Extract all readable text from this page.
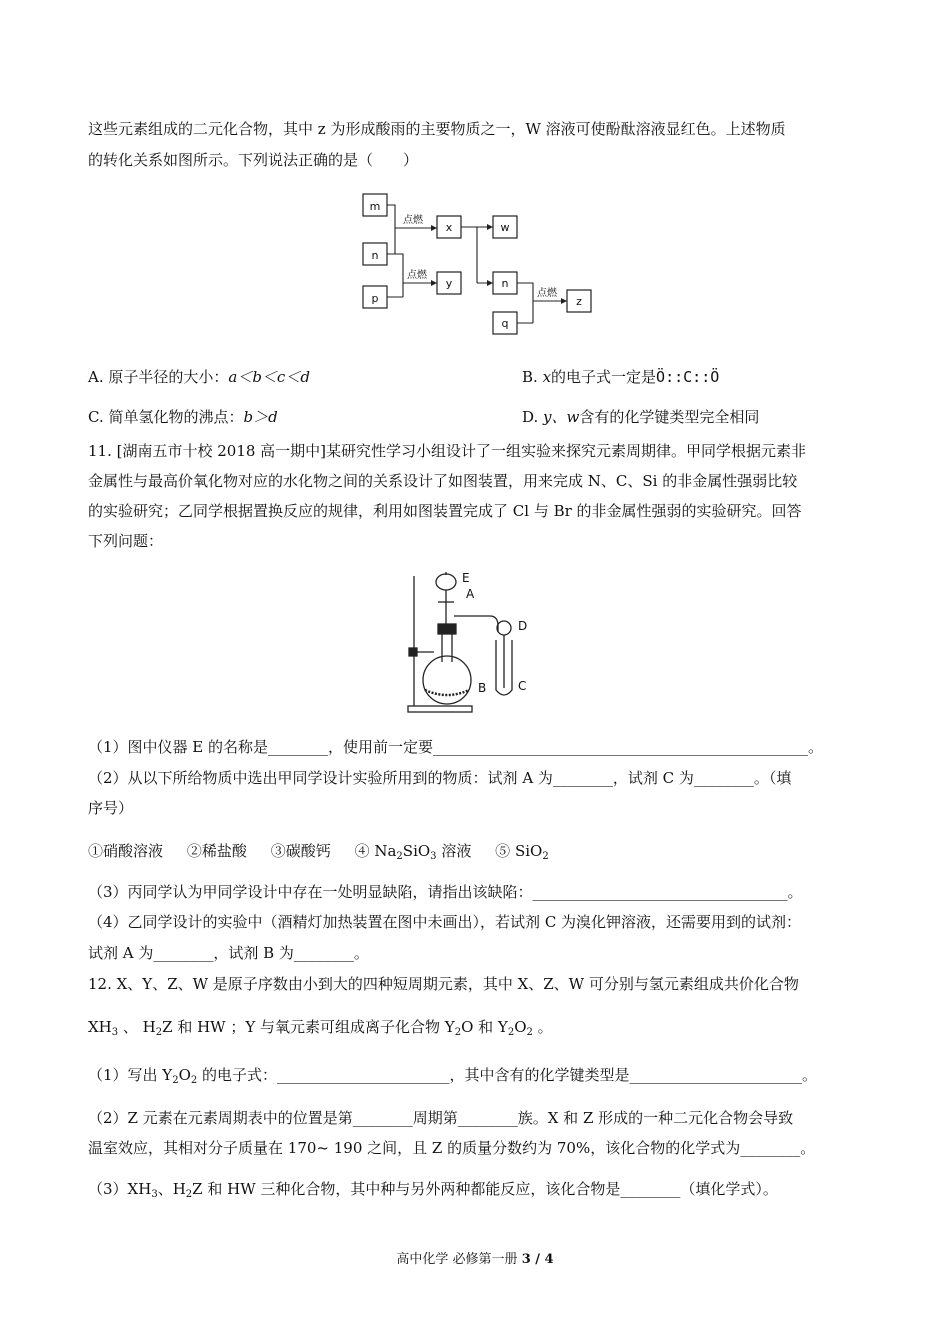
这些元素组成的二元化合物，其中 z 为形成酸雨的主要物质之一，W 溶液可使酚酞溶液显红色。上述物质
的转化关系如图所示。下列说法正确的是（　　）
m
n
p
x
y
w
n
q
z
点燃
点燃
点燃
A. 原子半径的大小：a＜b＜c＜d	B. x的电子式一定是Ö::C::Ö
C. 简单氢化物的沸点：b＞d	D. y、w含有的化学键类型完全相同
11. [湖南五市十校 2018 高一期中]某研究性学习小组设计了一组实验来探究元素周期律。甲同学根据元素非
金属性与最高价氧化物对应的水化物之间的关系设计了如图装置，用来完成 N、C、Si 的非金属性强弱比较
的实验研究；乙同学根据置换反应的规律，利用如图装置完成了 Cl 与 Br 的非金属性强弱的实验研究。回答
下列问题：
E
A
D
B	C
（1）图中仪器 E 的名称是________，使用前一定要__________________________________________________。
（2）从以下所给物质中选出甲同学设计实验所用到的物质：试剂 A 为________，试剂 C 为________。（填
序号）
①硝酸溶液 ②稀盐酸 ③碳酸钙 ④ $Na_2SiO_3$ 溶液 ⑤ SiO$_2$
（3）丙同学认为甲同学设计中存在一处明显缺陷，请指出该缺陷：__________________________________。
（4）乙同学设计的实验中（酒精灯加热装置在图中未画出），若试剂 C 为溴化钾溶液，还需要用到的试剂：
试剂 A 为________，试剂 B 为________。
12. X、Y、Z、W 是原子序数由小到大的四种短周期元素，其中 X、Z、W 可分别与氢元素组成共价化合物
$XH_3$ 、 $H_2Z$ 和 HW ；Y 与氧元素可组成离子化合物 $Y_2O$ 和 $Y_2O_2$ 。
（1）写出 $Y_2O_2$ 的电子式：_______________________，其中含有的化学键类型是_______________________。
（2）Z 元素在元素周期表中的位置是第________周期第________族。X 和 Z 形成的一种二元化合物会导致
温室效应，其相对分子质量在 170~ 190 之间，且 Z 的质量分数约为 70%，该化合物的化学式为________。
$(3)XH_3$、$H_2Z$ 和 HW 三种化合物，其中种与另外两种都能反应，该化合物是________（填化学式）。
高中化学 必修第一册 3 / 4
